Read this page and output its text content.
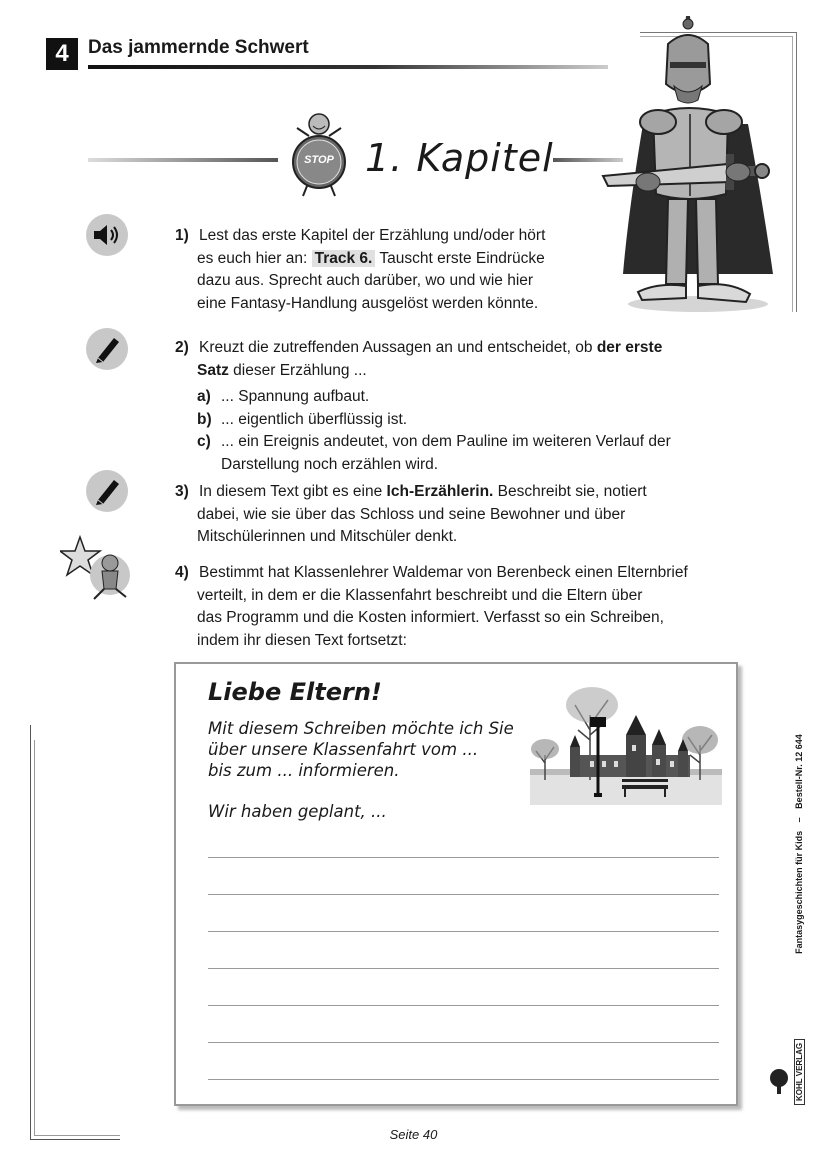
4	Das jammernde Schwert
STOP 1. Kapitel
1) Lest das erste Kapitel der Erzählung und/oder hört
es euch hier an: Track 6. Tauscht erste Eindrücke
dazu aus. Sprecht auch darüber, wo und wie hier
eine Fantasy-Handlung ausgelöst werden könnte.
2) Kreuzt die zutreffenden Aussagen an und entscheidet, ob der erste
Satz dieser Erzählung ...
a) ... Spannung aufbaut.
b) ... eigentlich überflüssig ist.
c) ... ein Ereignis andeutet, von dem Pauline im weiteren Verlauf der
Darstellung noch erzählen wird.
3) In diesem Text gibt es eine Ich-Erzählerin. Beschreibt sie, notiert
dabei, wie sie über das Schloss und seine Bewohner und über
Mitschülerinnen und Mitschüler denkt.
4) Bestimmt hat Klassenlehrer Waldemar von Berenbeck einen Elternbrief
verteilt, in dem er die Klassenfahrt beschreibt und die Eltern über
das Programm und die Kosten informiert. Verfasst so ein Schreiben,
indem ihr diesen Text fortsetzt:
Liebe Eltern!
Mit diesem Schreiben möchte ich Sie
über unsere Klassenfahrt vom ...
bis zum ... informieren.
Wir haben geplant, ...
KOHL VERLAG  Fantasygeschichten für Kids – Bestell-Nr. 12 644
Seite 40
